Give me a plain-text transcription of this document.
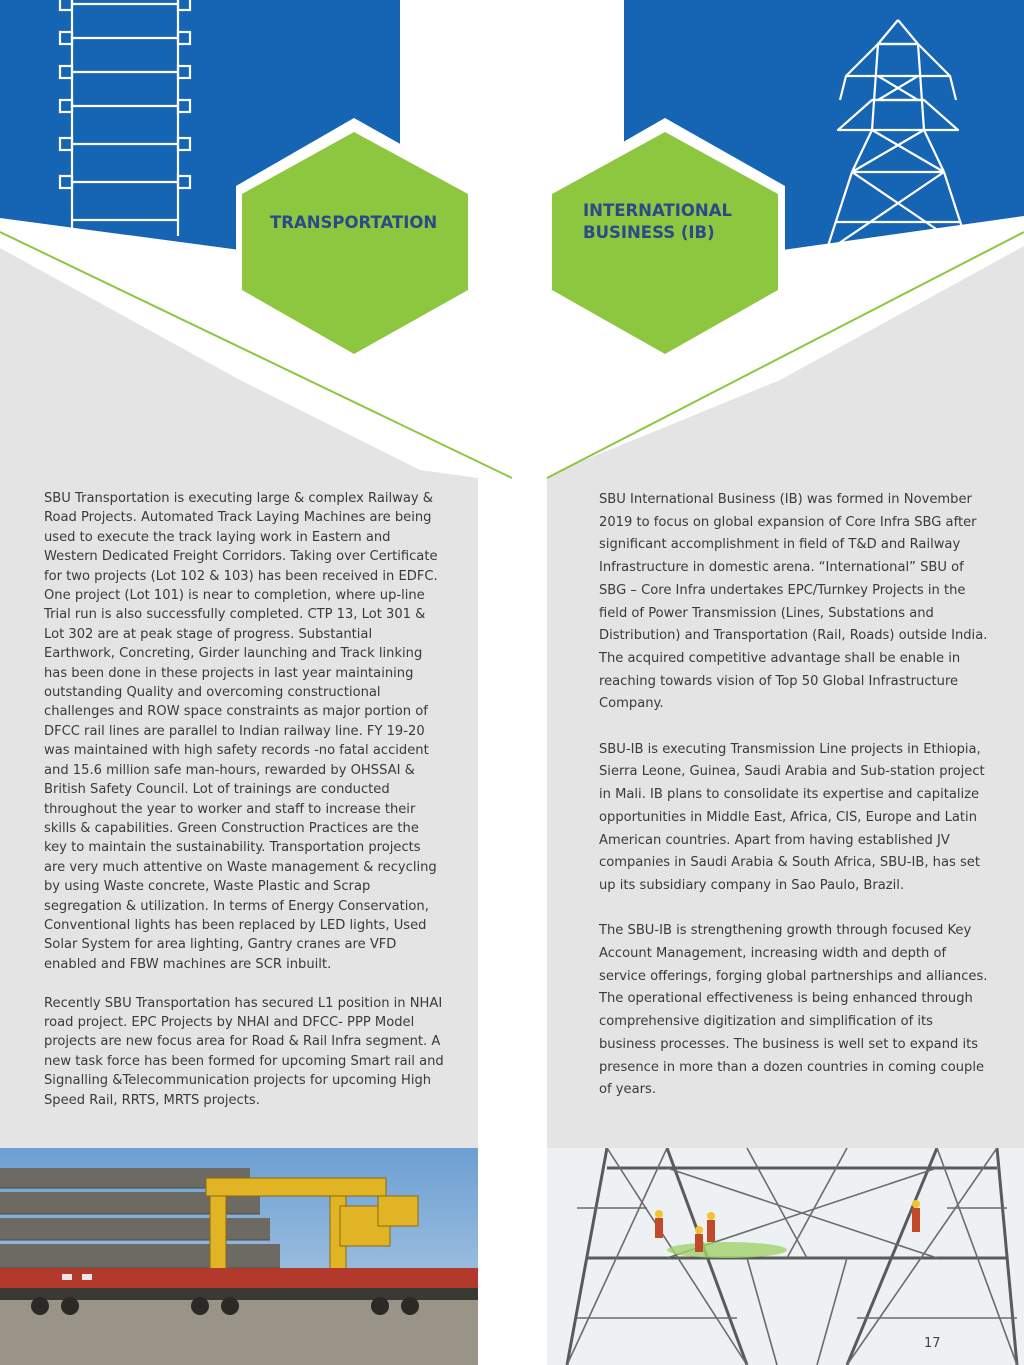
TRANSPORTATION

INTERNATIONAL
BUSINESS (IB)

SBU Transportation is executing large & complex Railway & Road Projects. Automated Track Laying Machines are being used to execute the track laying work in Eastern and Western Dedicated Freight Corridors. Taking over Certificate for two projects (Lot 102 & 103) has been received in EDFC. One project (Lot 101) is near to completion, where up-line Trial run is also successfully completed. CTP 13, Lot 301 & Lot 302 are at peak stage of progress. Substantial Earthwork, Concreting, Girder launching and Track linking has been done in these projects in last year maintaining outstanding Quality and overcoming constructional challenges and ROW space constraints as major portion of DFCC rail lines are parallel to Indian railway line. FY 19-20 was maintained with high safety records -no fatal accident and 15.6 million safe man-hours, rewarded by OHSSAI & British Safety Council. Lot of trainings are conducted throughout the year to worker and staff to increase their skills & capabilities. Green Construction Practices are the key to maintain the sustainability. Transportation projects are very much attentive on Waste management & recycling by using Waste concrete, Waste Plastic and Scrap segregation & utilization. In terms of Energy Conservation, Conventional lights has been replaced by LED lights, Used Solar System for area lighting, Gantry cranes are VFD enabled and FBW machines are SCR inbuilt.

Recently SBU Transportation has secured L1 position in NHAI road project. EPC Projects by NHAI and DFCC- PPP Model projects are new focus area for Road & Rail Infra segment. A new task force has been formed for upcoming Smart rail and Signalling &Telecommunication projects for upcoming High Speed Rail, RRTS, MRTS projects.

SBU International Business (IB) was formed in November 2019 to focus on global expansion of Core Infra SBG after significant accomplishment in field of T&D and Railway Infrastructure in domestic arena. “International” SBU of SBG – Core Infra undertakes EPC/Turnkey Projects in the field of Power Transmission (Lines, Substations and Distribution) and Transportation (Rail, Roads) outside India. The acquired competitive advantage shall be enable in reaching towards vision of Top 50 Global Infrastructure Company.

SBU-IB is executing Transmission Line projects in Ethiopia, Sierra Leone, Guinea, Saudi Arabia and Sub-station project in Mali. IB plans to consolidate its expertise and capitalize opportunities in Middle East, Africa, CIS, Europe and Latin American countries. Apart from having established JV companies in Saudi Arabia & South Africa, SBU-IB, has set up its subsidiary company in Sao Paulo, Brazil.

The SBU-IB is strengthening growth through focused Key Account Management, increasing width and depth of service offerings, forging global partnerships and alliances. The operational effectiveness is being enhanced through comprehensive digitization and simplification of its business processes. The business is well set to expand its presence in more than a dozen countries in coming couple of years.

17
